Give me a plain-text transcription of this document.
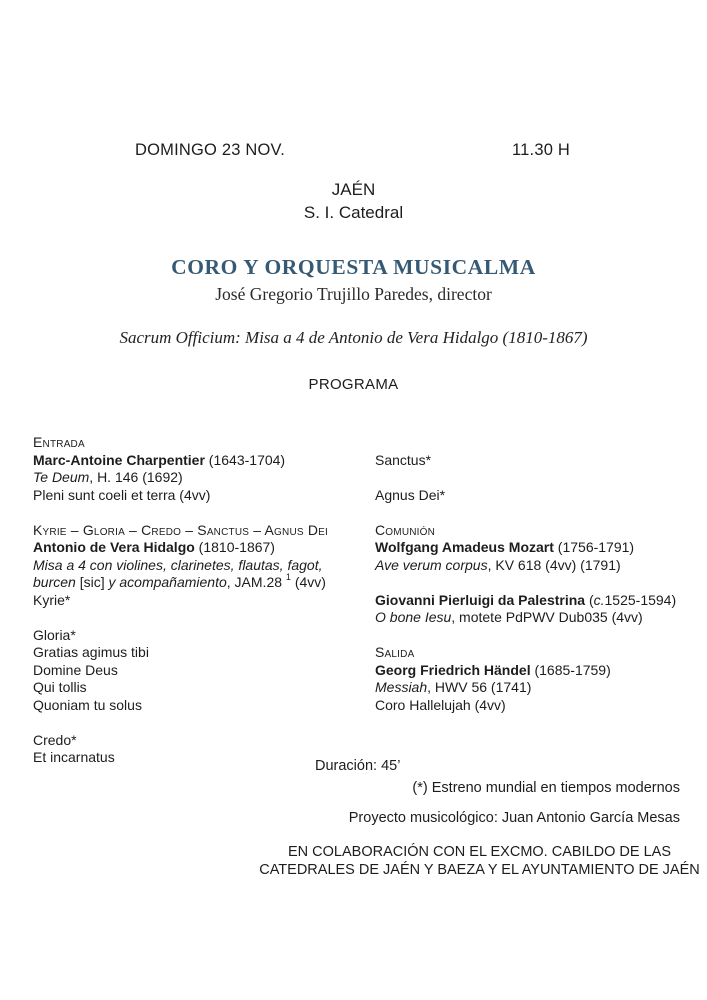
DOMINGO 23 NOV.	11.30 H
JAÉN
S. I. Catedral
CORO Y ORQUESTA MUSICALMA
José Gregorio Trujillo Paredes, director
Sacrum Officium: Misa a 4 de Antonio de Vera Hidalgo (1810-1867)
PROGRAMA
Entrada
Marc-Antoine Charpentier (1643-1704)
Te Deum, H. 146 (1692)
Pleni sunt coeli et terra (4vv)
Kyrie – Gloria – Credo – Sanctus – Agnus Dei
Antonio de Vera Hidalgo (1810-1867)
Misa a 4 con violines, clarinetes, flautas, fagot,
burcen [sic] y acompañamiento, JAM.28 $^1$ (4vv)
Kyrie*
Gloria*
Gratias agimus tibi
Domine Deus
Qui tollis
Quoniam tu solus
Credo*
Et incarnatus
Sanctus*
Agnus Dei*
Comunión
Wolfgang Amadeus Mozart (1756-1791)
Ave verum corpus, KV 618 (4vv) (1791)
Giovanni Pierluigi da Palestrina (c.1525-1594)
O bone Iesu, motete PdPWV Dub035 (4vv)
Salida
Georg Friedrich Händel (1685-1759)
Messiah, HWV 56 (1741)
Coro Hallelujah (4vv)
Duración: 45’
(*) Estreno mundial en tiempos modernos
Proyecto musicológico: Juan Antonio García Mesas
EN COLABORACIÓN CON EL EXCMO. CABILDO DE LAS
CATEDRALES DE JAÉN Y BAEZA Y EL AYUNTAMIENTO DE JAÉN
